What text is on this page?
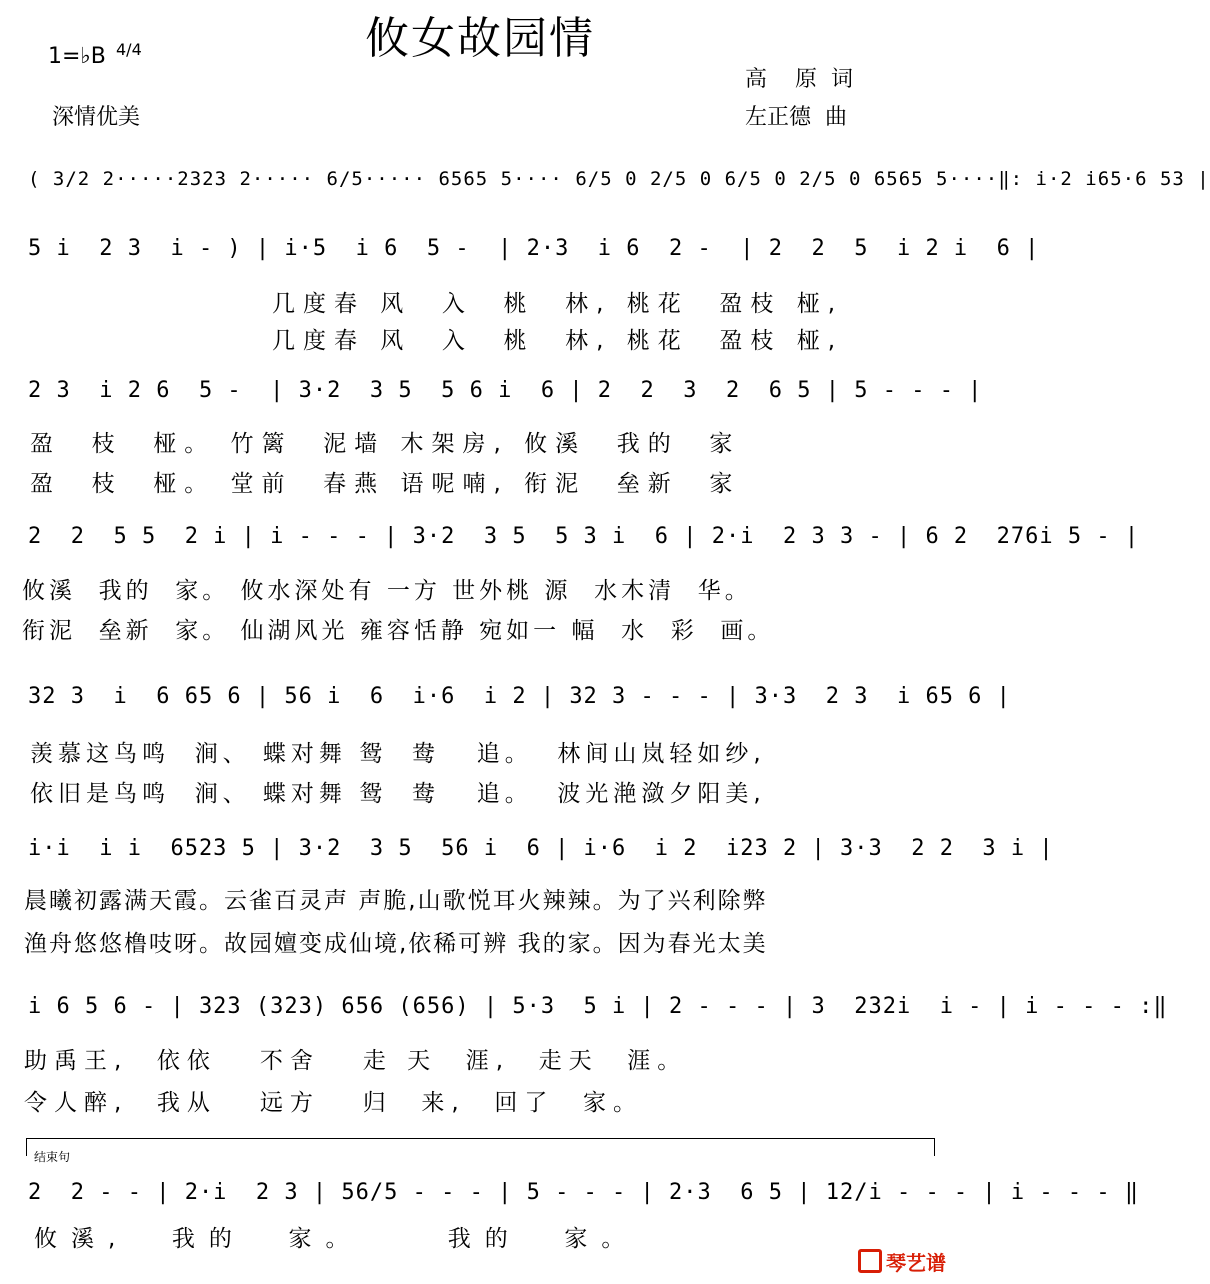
攸女故园情
1=♭B 4/4
深情优美
高    原  词
左正德  曲
( 3/2 2·····2323 2····· 6/5····· 6565 5···· 6/5 0 2/5 0 6/5 0 2/5 0 6565 5····‖: i·2 i65·6 53 |
5 i  2 3  i - ) | i·5  i 6  5 -  | 2·3  i 6  2 -  | 2  2  5  i 2 i  6 |
几度春 风  入  桃  林, 桃花  盈枝 桠,
几度春 风  入  桃  林, 桃花  盈枝 桠,
2 3  i 2 6  5 -  | 3·2  3 5  5 6 i  6 | 2  2  3  2  6 5 | 5 - - - |
盈  枝  桠。 竹篱  泥墙 木架房, 攸溪  我的  家
盈  枝  桠。 堂前  春燕 语呢喃, 衔泥  垒新  家
2  2  5 5  2 i | i - - - | 3·2  3 5  5 3 i  6 | 2·i  2 3 3 - | 6 2  276i 5 - |
攸溪  我的  家。 攸水深处有 一方 世外桃 源  水木清  华。
衔泥  垒新  家。 仙湖风光 雍容恬静 宛如一 幅  水  彩  画。
32 3  i  6 65 6 | 56 i  6  i·6  i 2 | 32 3 - - - | 3·3  2 3  i 65 6 |
羡慕这鸟鸣  涧、 蝶对舞 鸳  鸯   追。  林间山岚轻如纱,
依旧是鸟鸣  涧、 蝶对舞 鸳  鸯   追。  波光滟潋夕阳美,
i·i  i i  6523 5 | 3·2  3 5  56 i  6 | i·6  i 2  i23 2 | 3·3  2 2  3 i |
晨曦初露满天霞。云雀百灵声 声脆,山歌悦耳火辣辣。为了兴利除弊
渔舟悠悠橹吱呀。故园嬗变成仙境,依稀可辨 我的家。因为春光太美
i 6 5 6 - | 323 (323) 656 (656) | 5·3  5 i | 2 - - - | 3  232i  i - | i - - - :‖
助禹王,  依依   不舍   走 天  涯,  走天  涯。
令人醉,  我从   远方   归  来,  回了  家。
结束句
2  2 - - | 2·i  2 3 | 56/5 - - - | 5 - - - | 2·3  6 5 | 12/i - - - | i - - - ‖
攸溪,  我的  家。    我的  家。
琴艺谱
